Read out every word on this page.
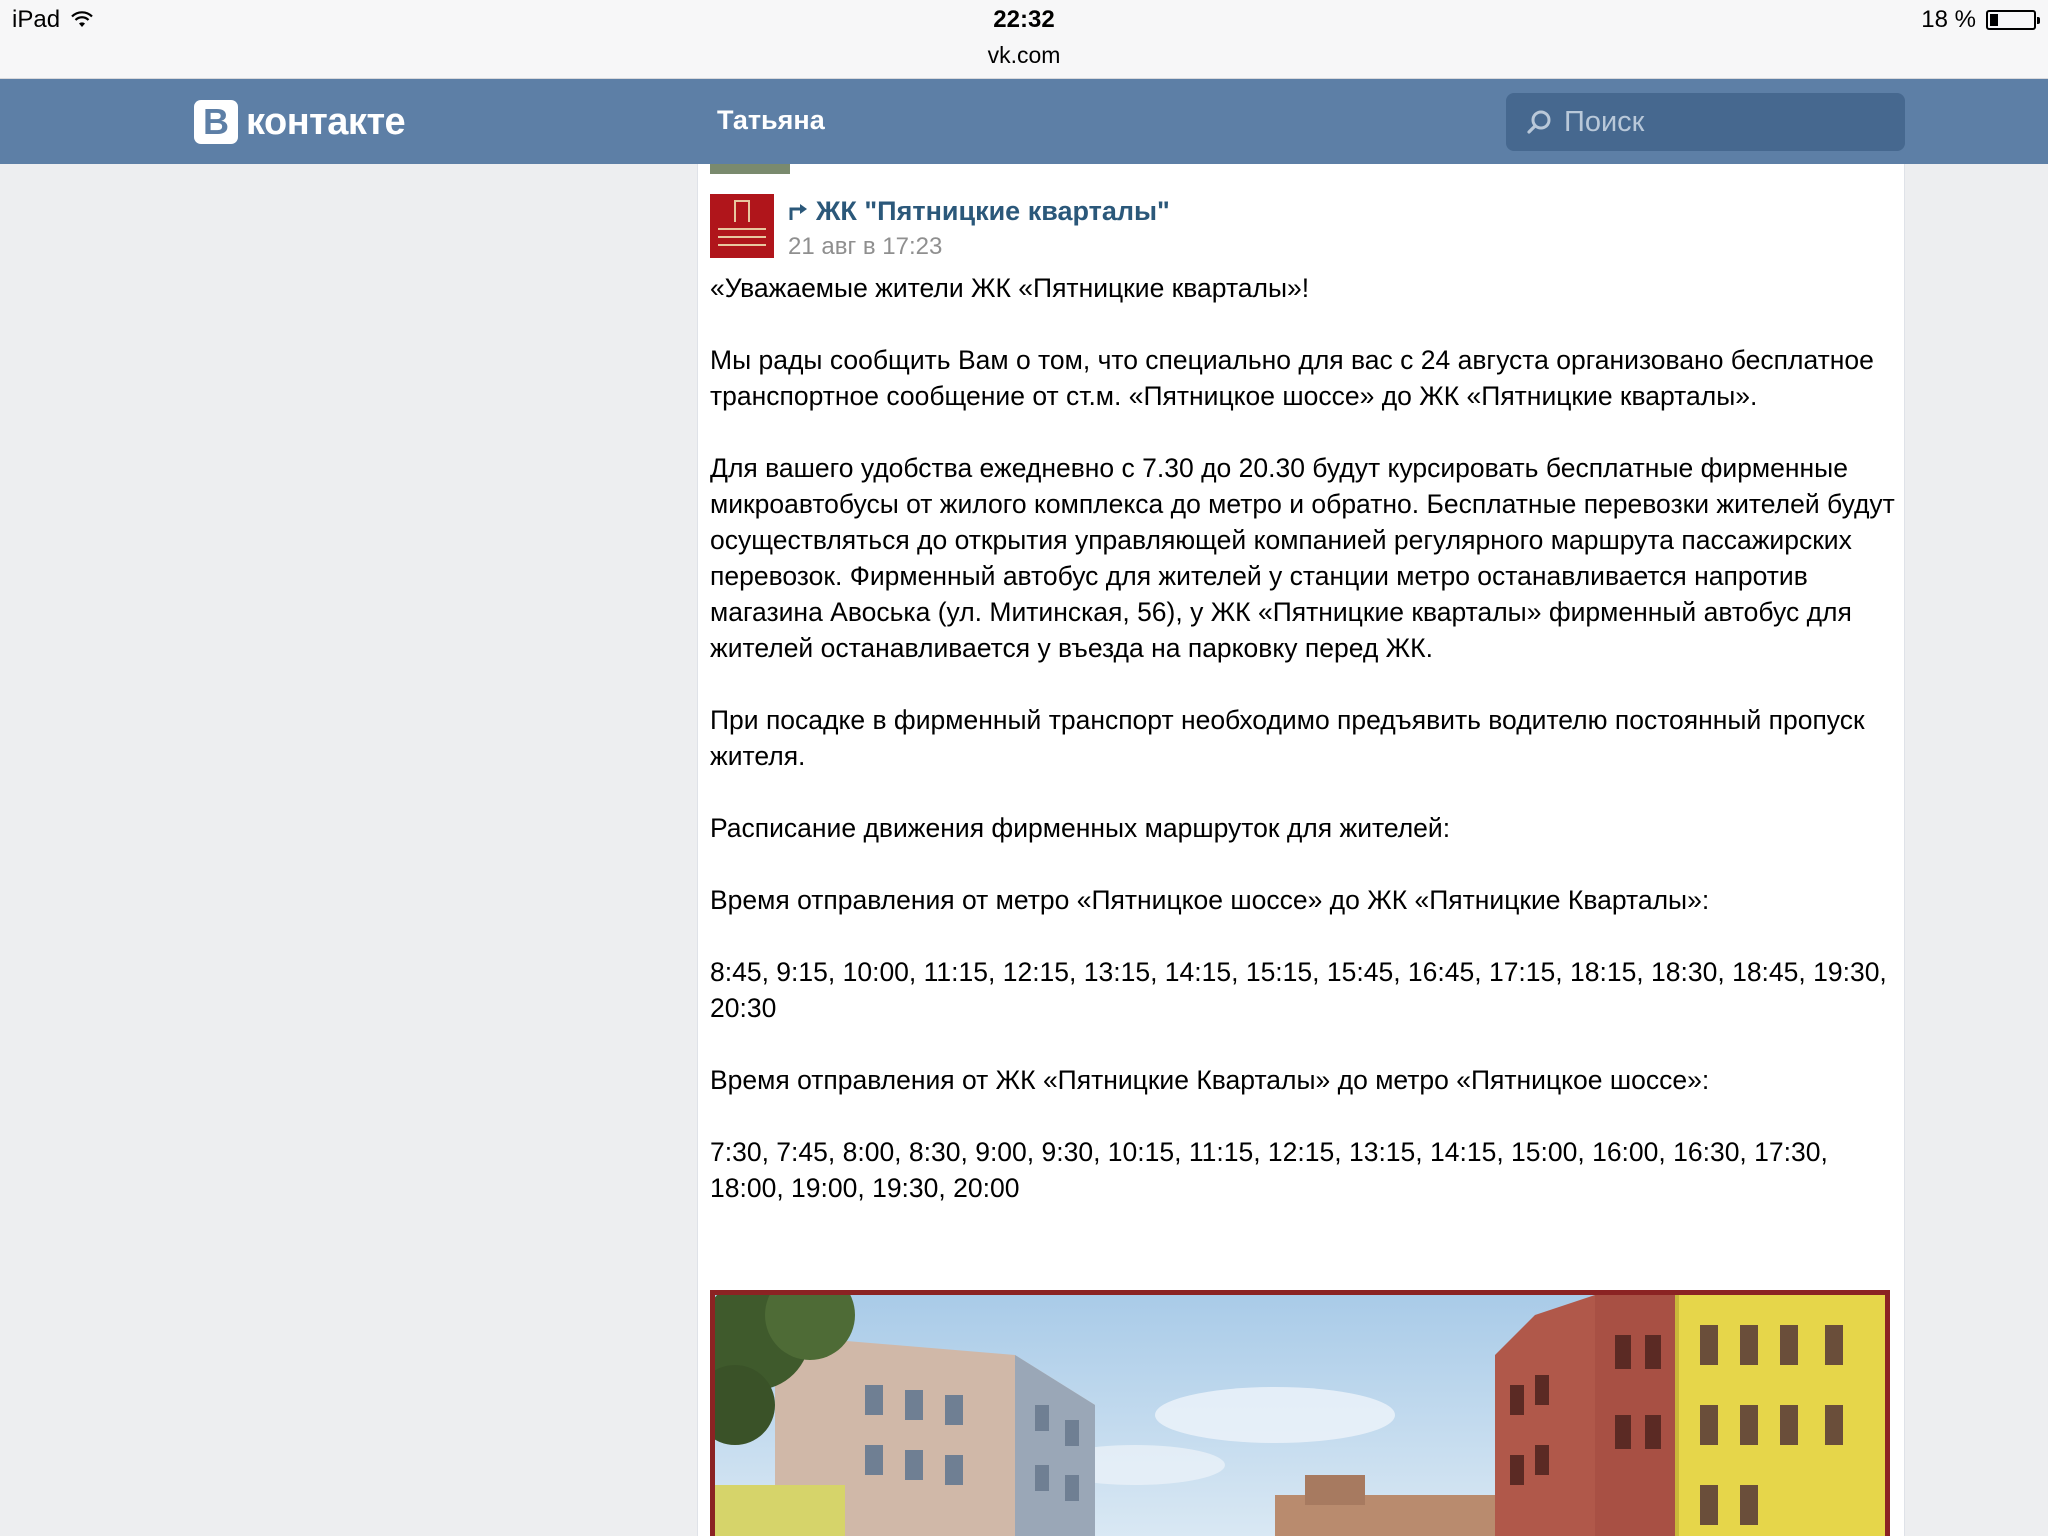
iPad	22:32
vk.com
18 %
B контакте	Татьяна
Поиск
ЖК "Пятницкие кварталы"
21 авг в 17:23

«Уважаемые жители ЖК «Пятницкие кварталы»!

Мы рады сообщить Вам о том, что специально для вас с 24 августа организовано бесплатное транспортное сообщение от ст.м. «Пятницкое шоссе» до ЖК «Пятницкие кварталы».

Для вашего удобства ежедневно с 7.30 до 20.30 будут курсировать бесплатные фирменные микроавтобусы от жилого комплекса до метро и обратно. Бесплатные перевозки жителей будут осуществляться до открытия управляющей компанией регулярного маршрута пассажирских перевозок. Фирменный автобус для жителей у станции метро останавливается напротив магазина Авоська (ул. Митинская, 56), у ЖК «Пятницкие кварталы» фирменный автобус для жителей останавливается у въезда на парковку перед ЖК.

При посадке в фирменный транспорт необходимо предъявить водителю постоянный пропуск жителя.

Расписание движения фирменных маршруток для жителей:

Время отправления от метро «Пятницкое шоссе» до ЖК «Пятницкие Кварталы»:

8:45, 9:15, 10:00, 11:15, 12:15, 13:15, 14:15, 15:15, 15:45, 16:45, 17:15, 18:15, 18:30, 18:45, 19:30, 20:30

Время отправления от ЖК «Пятницкие Кварталы» до метро «Пятницкое шоссе»:

7:30, 7:45, 8:00, 8:30, 9:00, 9:30, 10:15, 11:15, 12:15, 13:15, 14:15, 15:00, 16:00, 16:30, 17:30, 18:00, 19:00, 19:30, 20:00
